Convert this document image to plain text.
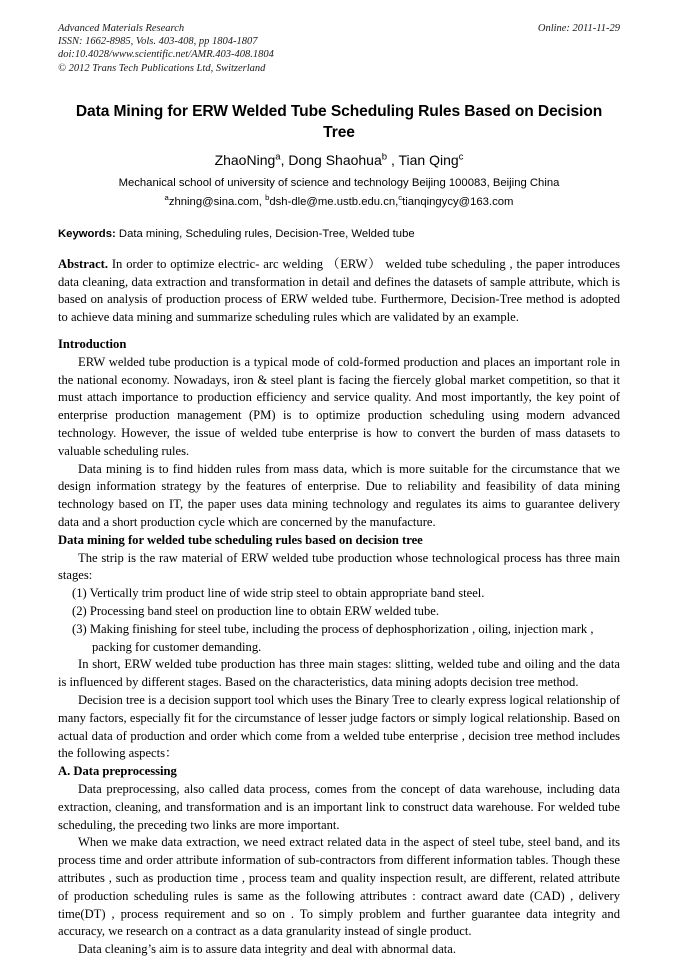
Advanced Materials Research
ISSN: 1662-8985, Vols. 403-408, pp 1804-1807
doi:10.4028/www.scientific.net/AMR.403-408.1804
© 2012 Trans Tech Publications Ltd, Switzerland
Online: 2011-11-29
Data Mining for ERW Welded Tube Scheduling Rules Based on Decision Tree
ZhaoNing$^a$, Dong Shaohua$^b$ , Tian Qing$^c$
Mechanical school of university of science and technology Beijing 100083, Beijing China
$^a$zhning@sina.com, $^b$dsh-dle@me.ustb.edu.cn,$^c$tianqingycy@163.com
Keywords: Data mining, Scheduling rules, Decision-Tree, Welded tube
Abstract. In order to optimize electric- arc welding （ERW） welded tube scheduling , the paper introduces data cleaning, data extraction and transformation in detail and defines the datasets of sample attribute, which is based on analysis of production process of ERW welded tube. Furthermore, Decision-Tree method is adopted to achieve data mining and summarize scheduling rules which are validated by an example.
Introduction

ERW welded tube production is a typical mode of cold-formed production and places an important role in the national economy. Nowadays, iron & steel plant is facing the fiercely global market competition, so that it must attach importance to production efficiency and service quality. And most importantly, the key point of enterprise production management (PM) is to optimize production scheduling using modern advanced technology. However, the issue of welded tube enterprise is how to convert the burden of mass datasets to valuable scheduling rules.

Data mining is to find hidden rules from mass data, which is more suitable for the circumstance that we design information strategy by the features of enterprise. Due to reliability and feasibility of data mining technology based on IT, the paper uses data mining technology and regulates its aims to guarantee delivery data and a short production cycle which are concerned by the manufacture.

Data mining for welded tube scheduling rules based on decision tree

The strip is the raw material of ERW welded tube production whose technological process has three main stages:

(1) Vertically trim product line of wide strip steel to obtain appropriate band steel.

(2) Processing band steel on production line to obtain ERW welded tube.

(3) Making finishing for steel tube, including the process of dephosphorization , oiling, injection mark , packing for customer demanding.

In short, ERW welded tube production has three main stages: slitting, welded tube and oiling and the data is influenced by different stages. Based on the characteristics, data mining adopts decision tree method.

Decision tree is a decision support tool which uses the Binary Tree to clearly express logical relationship of many factors, especially fit for the circumstance of lesser judge factors or simply logical relationship. Based on actual data of production and order which come from a welded tube enterprise , decision tree method includes the following aspects：

A. Data preprocessing

Data preprocessing, also called data process, comes from the concept of data warehouse, including data extraction, cleaning, and transformation and is an important link to construct data warehouse. For welded tube scheduling, the preceding two links are more important.

When we make data extraction, we need extract related data in the aspect of steel tube, steel band, and its process time and order attribute information of sub-contractors from different information tables. Though these attributes , such as production time , process team and quality inspection result, are different, related attribute of production scheduling rules is same as the following attributes : contract award date (CAD) , delivery time(DT) , process requirement and so on . To simply problem and further guarantee data integrity and accuracy, we research on a contract as a data granularity instead of single product.

Data cleaning’s aim is to assure data integrity and deal with abnormal data.
